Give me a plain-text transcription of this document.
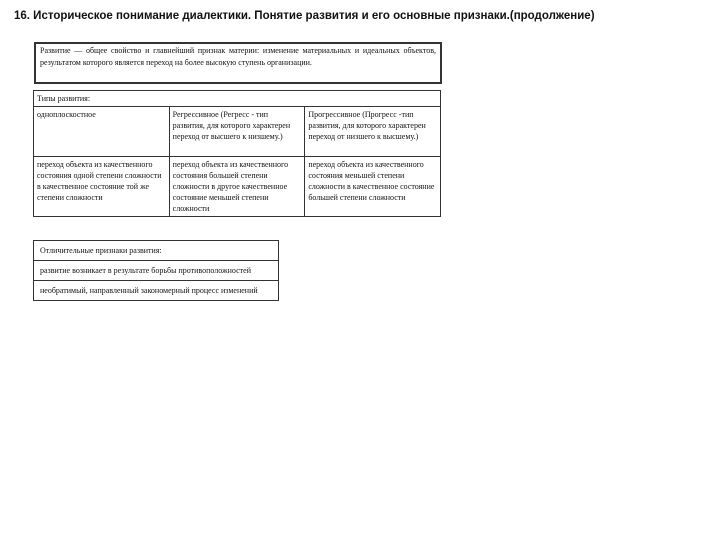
16. Историческое понимание диалектики. Понятие развития и его основные признаки.(продолжение)
Развитие — общее свойство и главнейший признак материи: изменение материальных и идеальных объектов, результатом которого является переход на более высокую ступень организации.
Типы развития:		
одноплоскостное	Регрессивное (Регресс - тип развития, для которого характерен переход от высшего к низшему.)	Прогрессивное (Прогресс -тип развития, для которого характерен переход от низшего к высшему.)
переход объекта из качественного состояния одной степени сложности в качественное состояние той же степени сложности	переход объекта из качественного состояния большей степени сложности в другое качественное состояние меньшей степени сложности	переход объекта из качественного состояния меньшей степени сложности в качественное состояние большей степени сложности
Отличительные признаки развития:
развитие возникает в результате борьбы противоположностей
необратимый, направленный закономерный процесс изменений
